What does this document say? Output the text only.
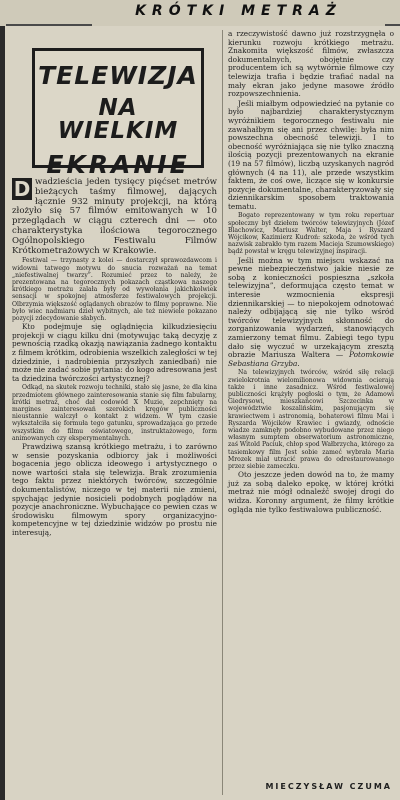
KRÓTKI METRAŻ
TELEWIZJA
NA WIELKIM
EKRANIE

D wadzieścia jeden tysięcy pięćset metrów bieżących taśmy filmowej, dających łącznie 932 minuty projekcji, na którą złożyło się 57 filmów emitowanych w 10 przeglądach w ciągu czterech dni — oto charakterystyka ilościowa tegorocznego Ogólnopolskiego Festiwalu Filmów Krótkometrażowych w Krakowie.

Festiwal — trzynasty z kolei — dostarczył sprawozdawcom i widowni tatwego motywu do snucia rozważań na temat „niefestiwalnej twarzy”. Rozumieć przez to należy, że prezentowana na tegorocznych pokazach cząstkowa naszego krótkiego metrażu zalała były od wywołania jakichkolwiek sensacji w spokojnej atmosferze festiwalowych projekcji. Olbrzymia większość oglądanych obrazów to filmy poprawne. Nie było wiec nadmiaru dzieł wybitnych, ale też niewiele pokazano pozycji zdecydowanie słabych.

Kto podejmuje się oglądnięcia kilkudziesięciu projekcji w ciągu kilku dni (motywując taką decyzję z pewnością rzadką okazją nawiązania żadnego kontaktu z filmem krótkim, odrobienia wszelkich zaległości w tej dziedzinie, i nadrobienia przyszłych zaniedbań) nie może nie zadać sobie pytania: do kogo adresowana jest ta dziedzina twórczości artystycznej?

Odkąd, na skutek rozwoju techniki, stało się jasne, że dla kina przedmiotem głównego zainteresowania stanie się film fabularny, krótki metraż, choć dał codowód X Muzie, zepchnięty na margines zainteresowań szerokich kręgów publiczności nieustannie walczył o kontakt z widzem. W tym czasie wykształciła się formuła tego gatunku, sprowadzająca go przede wszystkim do filmu oświatowego, instruktażowego, form animowanych czy eksperymentalnych.

Prawdziwą szansą krótkiego metrażu, i to zarówno w sensie pozyskania odbiorcy jak i możliwości bogacenia jego oblicza ideowego i artystycznego o nowe wartości stała się telewizja. Brak zrozumienia tego faktu przez niektórych twórców, szczególnie dokumentalistów, niczego w tej materii nie zmieni, spychając jedynie nosicieli podobnych poglądów na pozycje anachroniczne. Wybuchające co pewien czas w środowisku filmowym spory organizacyjno-kompetencyjne w tej dziedzinie widzów po prostu nie interesują,

a rzeczywistość dawno już rozstrzygnęła o kierunku rozwoju krótkiego metrażu. Znakomita większość filmów, zwłaszcza dokumentalnych, obojętnie czy producentem ich są wytwórnie filmowe czy telewizja trafia i będzie trafiać nadal na mały ekran jako jedyne masowe źródło rozpowszechnienia.

Jeśli miałbym odpowiedzieć na pytanie co było najbardziej charakterystycznym wyróżnikiem tegorocznego festiwalu nie zawahałbym się ani przez chwilę: była nim powszechna obecność telewizji. I to obecność wyróżniająca się nie tylko znaczną ilością pozycji prezentowanych na ekranie (19 na 57 filmów), liczbą uzyskanych nagród głównych (4 na 11), ale przede wszystkim faktem, że coś owe, liczące się w konkursie pozycje dokumentalne, charakteryzowały się dziennikarskim sposobem traktowania tematu.

Bogato reprezentowany w tym roku repertuar społeczny był dziełem twórców telewizyjnych (Józef Blachowicz, Mariusz Walter, Maja i Ryszard Wójcikow, Kazimierz Kudroń: szkoda, że wśród tych nazwisk zabrakło tym razem Macieja Szumowskiego) bądź powstał w kręgu telewizyjnej inspiracji.

Jeśli można w tym miejscu wskazać na pewne niebezpieczeństwo jakie niesie ze sobą z konieczności pospieszna „szkoła telewizyjna”, deformująca często temat w interesie wzmocnienia ekspresji dziennikarskiej — to niepokojem odnotować należy odbijającą się nie tylko wśród twórców telewizyjnych skłonność do zorganizowania wydarzeń, stanowiących zamierzony temat filmu. Zabiegi tego typu dało się wyczuć w urzekającym zresztą obrazie Mariusza Waltera — Potomkowie Sebastiana Grzyba.

Na telewizyjnych twórców, wśród siłę relacji zwielokrotnia wielomilionowa widownia ocierają także i inne zasadnicz. Wśród festiwalowej publiczności krążyły pogłoski o tym, że Adamowi Giedrysowi, mieszkańcowi Szczecinka w województwie koszalińskim, pasjonującym się krawiectwem i astronomią, bohaterowi filmu Mai i Ryszarda Wójcików Krawiec i gwiazdy, odnoście wiadze zamknęły podobno wybudowane przez niego własnym sumptem obserwatorium astronomiczne, zaś Witold Paciuk, chłop spod Wałbrzycha, którego za tasiemkowy film Jest sobie zameć wybrała Maria Mrozek miał utracić prawa do odrestaurowanego przez siebie zameczku.

Oto jeszcze jeden dowód na to, że mamy już za sobą daleko epokę, w której krótki metraż nie mógł odnaleźć swojej drogi do widza. Koronny argument, że filmy krótkie ogląda nie tylko festiwalowa publiczność.

MIECZYSŁAW CZUMA
